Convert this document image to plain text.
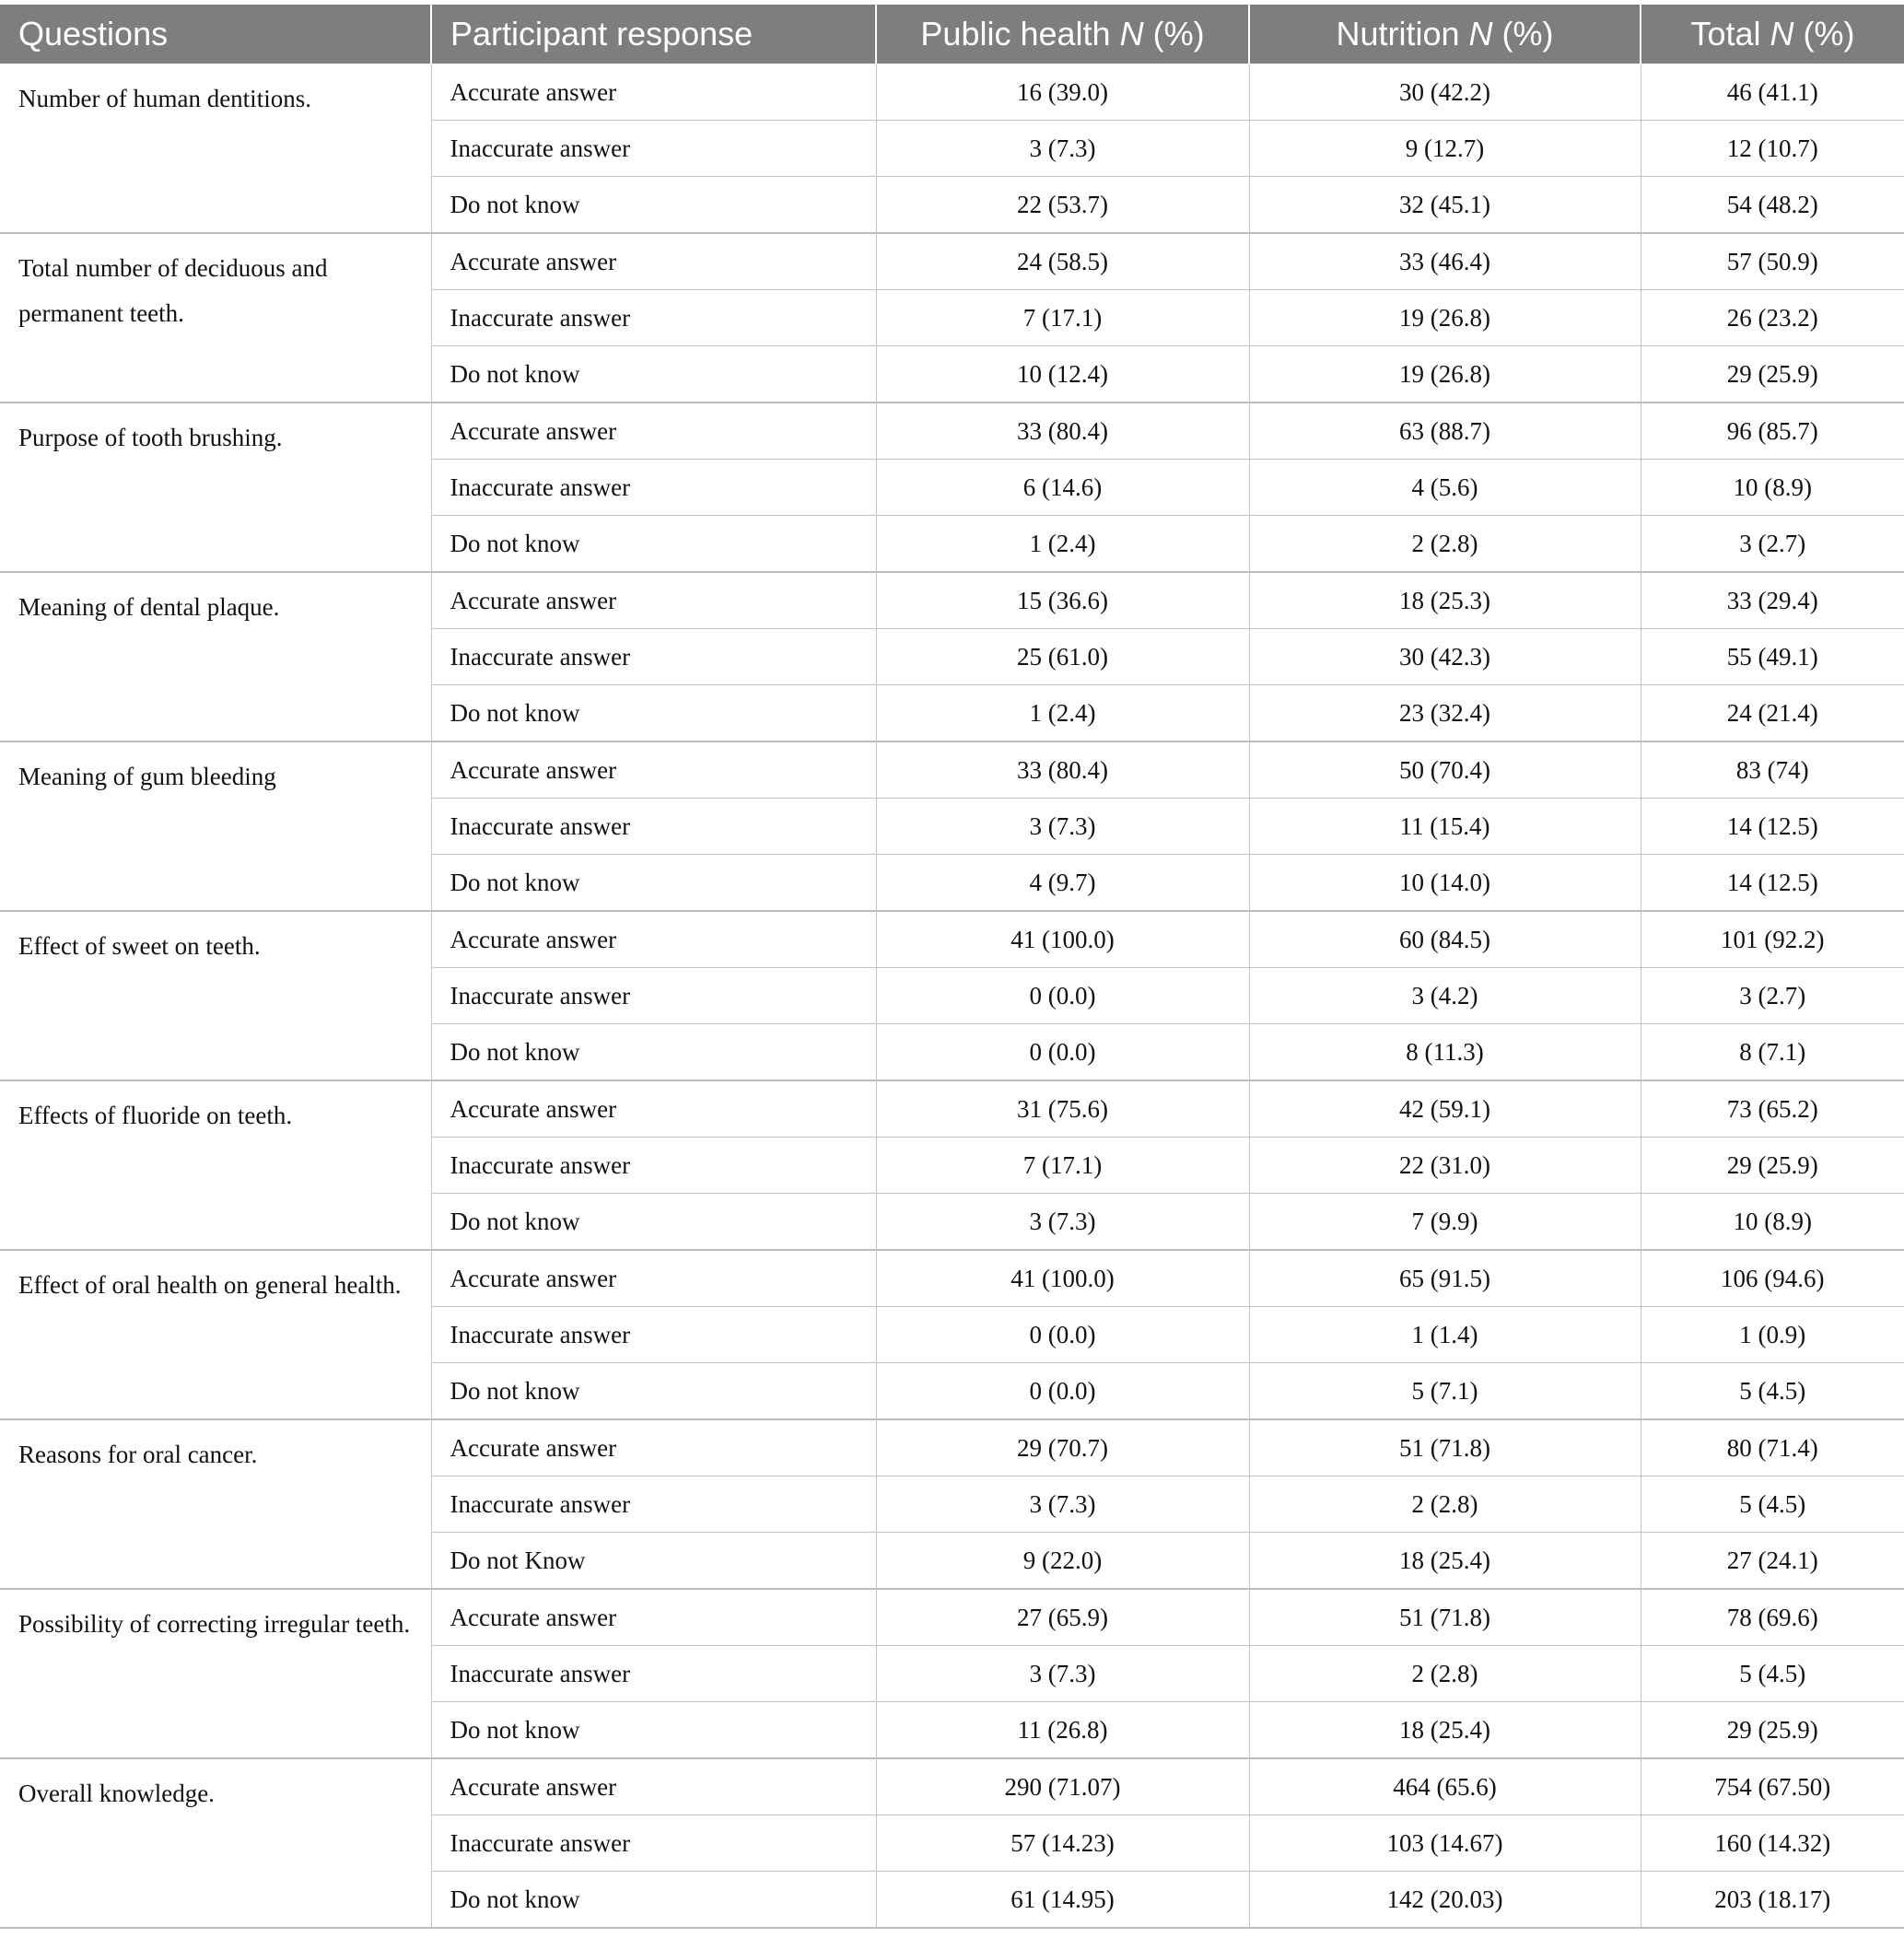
Questions	Participant response	Public health N (%)	Nutrition N (%)	Total N (%)
Number of human dentitions.	Accurate answer	16 (39.0)	30 (42.2)	46 (41.1)
	Inaccurate answer	3 (7.3)	9 (12.7)	12 (10.7)
	Do not know	22 (53.7)	32 (45.1)	54 (48.2)
Total number of deciduous and permanent teeth.	Accurate answer	24 (58.5)	33 (46.4)	57 (50.9)
	Inaccurate answer	7 (17.1)	19 (26.8)	26 (23.2)
	Do not know	10 (12.4)	19 (26.8)	29 (25.9)
Purpose of tooth brushing.	Accurate answer	33 (80.4)	63 (88.7)	96 (85.7)
	Inaccurate answer	6 (14.6)	4 (5.6)	10 (8.9)
	Do not know	1 (2.4)	2 (2.8)	3 (2.7)
Meaning of dental plaque.	Accurate answer	15 (36.6)	18 (25.3)	33 (29.4)
	Inaccurate answer	25 (61.0)	30 (42.3)	55 (49.1)
	Do not know	1 (2.4)	23 (32.4)	24 (21.4)
Meaning of gum bleeding	Accurate answer	33 (80.4)	50 (70.4)	83 (74)
	Inaccurate answer	3 (7.3)	11 (15.4)	14 (12.5)
	Do not know	4 (9.7)	10 (14.0)	14 (12.5)
Effect of sweet on teeth.	Accurate answer	41 (100.0)	60 (84.5)	101 (92.2)
	Inaccurate answer	0 (0.0)	3 (4.2)	3 (2.7)
	Do not know	0 (0.0)	8 (11.3)	8 (7.1)
Effects of fluoride on teeth.	Accurate answer	31 (75.6)	42 (59.1)	73 (65.2)
	Inaccurate answer	7 (17.1)	22 (31.0)	29 (25.9)
	Do not know	3 (7.3)	7 (9.9)	10 (8.9)
Effect of oral health on general health.	Accurate answer	41 (100.0)	65 (91.5)	106 (94.6)
	Inaccurate answer	0 (0.0)	1 (1.4)	1 (0.9)
	Do not know	0 (0.0)	5 (7.1)	5 (4.5)
Reasons for oral cancer.	Accurate answer	29 (70.7)	51 (71.8)	80 (71.4)
	Inaccurate answer	3 (7.3)	2 (2.8)	5 (4.5)
	Do not Know	9 (22.0)	18 (25.4)	27 (24.1)
Possibility of correcting irregular teeth.	Accurate answer	27 (65.9)	51 (71.8)	78 (69.6)
	Inaccurate answer	3 (7.3)	2 (2.8)	5 (4.5)
	Do not know	11 (26.8)	18 (25.4)	29 (25.9)
Overall knowledge.	Accurate answer	290 (71.07)	464 (65.6)	754 (67.50)
	Inaccurate answer	57 (14.23)	103 (14.67)	160 (14.32)
	Do not know	61 (14.95)	142 (20.03)	203 (18.17)
